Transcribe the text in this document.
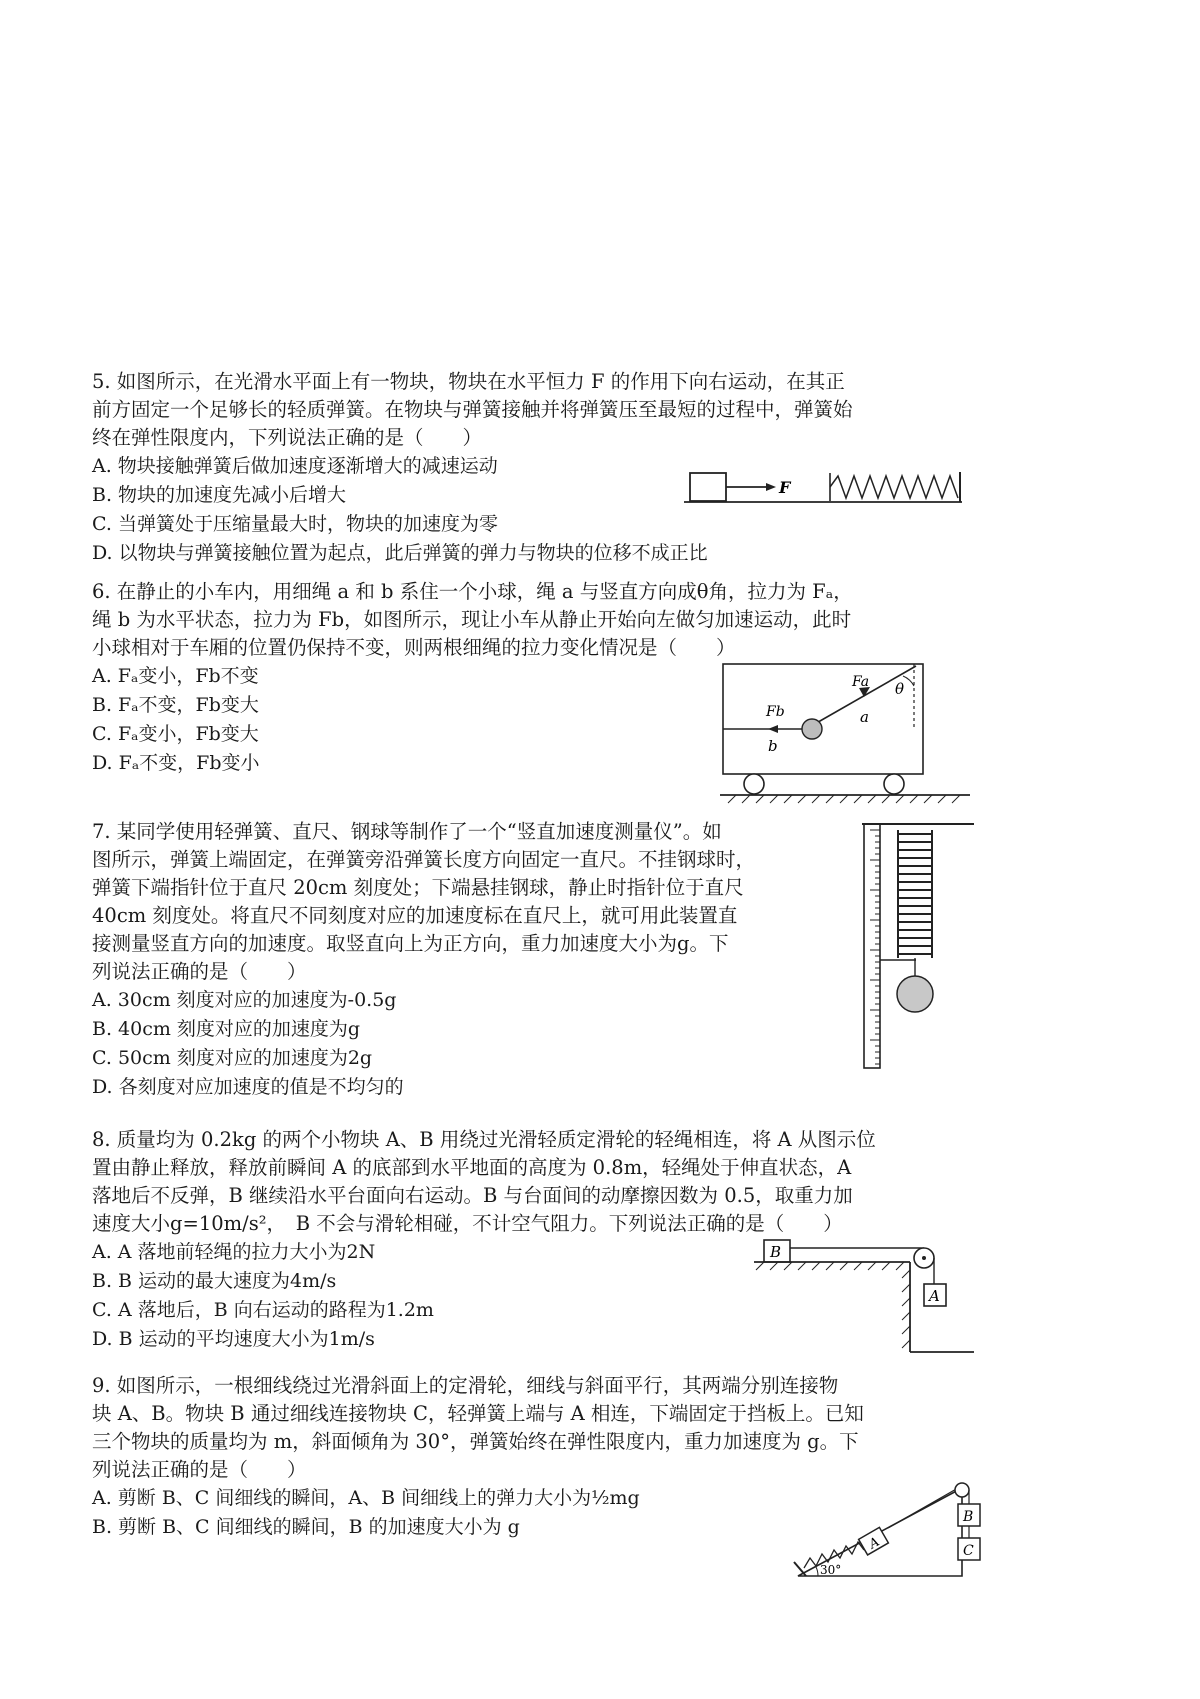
5. 如图所示，在光滑水平面上有一物块，物块在水平恒力 F 的作用下向右运动，在其正
前方固定一个足够长的轻质弹簧。在物块与弹簧接触并将弹簧压至最短的过程中，弹簧始
终在弹性限度内，下列说法正确的是（　　）
A. 物块接触弹簧后做加速度逐渐增大的减速运动
B. 物块的加速度先减小后增大
C. 当弹簧处于压缩量最大时，物块的加速度为零
D. 以物块与弹簧接触位置为起点，此后弹簧的弹力与物块的位移不成正比
F
6. 在静止的小车内，用细绳 a 和 b 系住一个小球，绳 a 与竖直方向成θ角，拉力为 Fₐ，
绳 b 为水平状态，拉力为 Fb，如图所示，现让小车从静止开始向左做匀加速运动，此时
小球相对于车厢的位置仍保持不变，则两根细绳的拉力变化情况是（　　）
A. Fₐ变小，Fb不变
B. Fₐ不变，Fb变大
C. Fₐ变小，Fb变大
D. Fₐ不变，Fb变小
θ
Fa
a
Fb
b
7. 某同学使用轻弹簧、直尺、钢球等制作了一个“竖直加速度测量仪”。如
图所示，弹簧上端固定，在弹簧旁沿弹簧长度方向固定一直尺。不挂钢球时，
弹簧下端指针位于直尺 20cm 刻度处；下端悬挂钢球，静止时指针位于直尺
40cm 刻度处。将直尺不同刻度对应的加速度标在直尺上，就可用此装置直
接测量竖直方向的加速度。取竖直向上为正方向，重力加速度大小为g。下
列说法正确的是（　　）
A. 30cm 刻度对应的加速度为-0.5g
B. 40cm 刻度对应的加速度为g
C. 50cm 刻度对应的加速度为2g
D. 各刻度对应加速度的值是不均匀的
8. 质量均为 0.2kg 的两个小物块 A、B 用绕过光滑轻质定滑轮的轻绳相连，将 A 从图示位
置由静止释放，释放前瞬间 A 的底部到水平地面的高度为 0.8m，轻绳处于伸直状态，A
落地后不反弹，B 继续沿水平台面向右运动。B 与台面间的动摩擦因数为 0.5，取重力加
速度大小g=10m/s²，　B 不会与滑轮相碰，不计空气阻力。下列说法正确的是（　　）
A. A 落地前轻绳的拉力大小为2N
B. B 运动的最大速度为4m/s
C. A 落地后，B 向右运动的路程为1.2m
D. B 运动的平均速度大小为1m/s
B
A
9. 如图所示，一根细线绕过光滑斜面上的定滑轮，细线与斜面平行，其两端分别连接物
块 A、B。物块 B 通过细线连接物块 C，轻弹簧上端与 A 相连，下端固定于挡板上。已知
三个物块的质量均为 m，斜面倾角为 30°，弹簧始终在弹性限度内，重力加速度为 g。下
列说法正确的是（　　）
A. 剪断 B、C 间细线的瞬间，A、B 间细线上的弹力大小为½mg
B. 剪断 B、C 间细线的瞬间，B 的加速度大小为 g
A
B
C
30°
